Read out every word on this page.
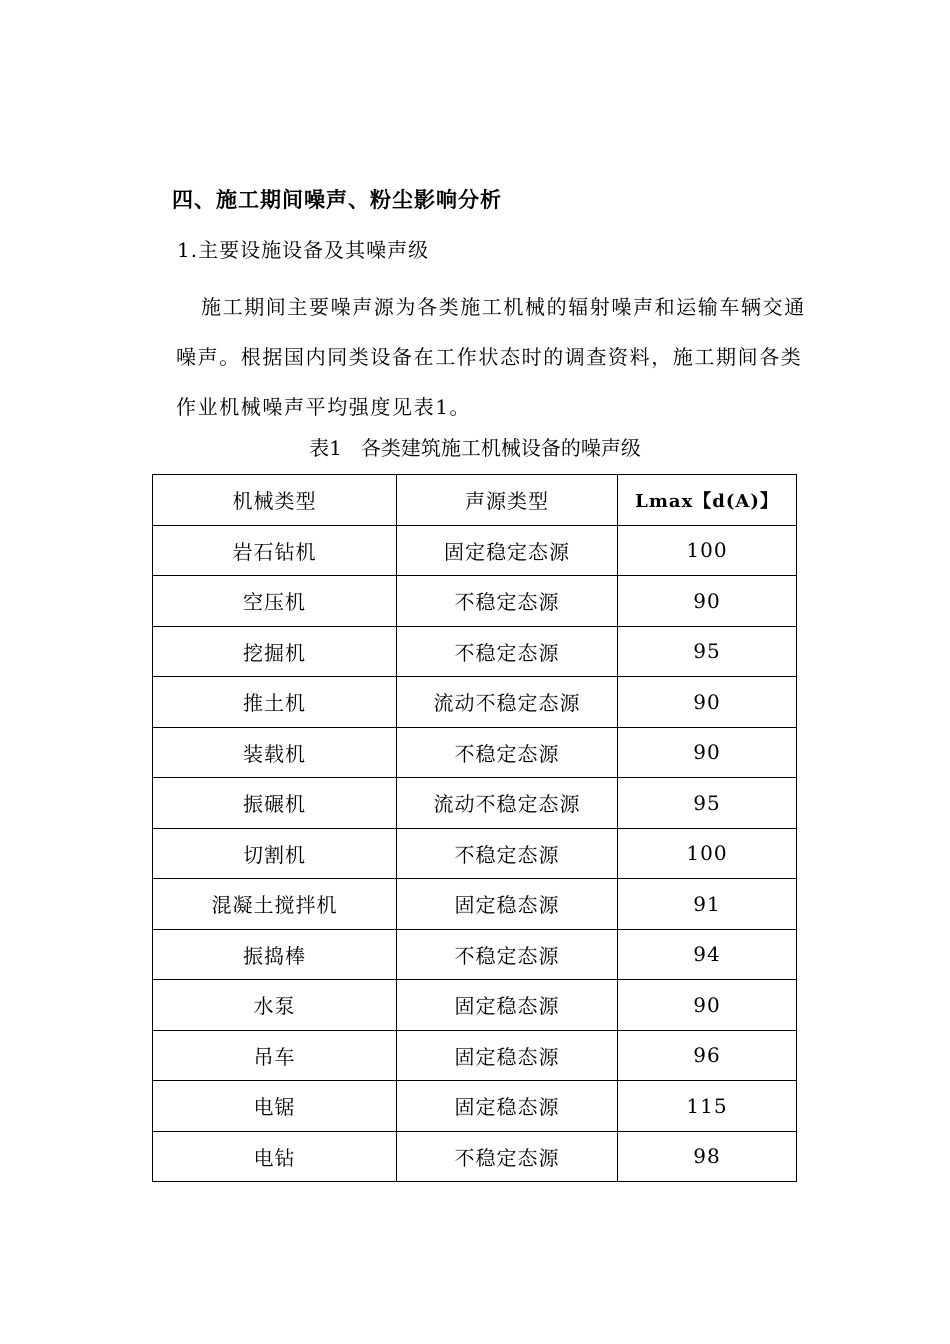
四、施工期间噪声、粉尘影响分析
1.主要设施设备及其噪声级
施工期间主要噪声源为各类施工机械的辐射噪声和运输车辆交通噪声。根据国内同类设备在工作状态时的调查资料，施工期间各类作业机械噪声平均强度见表1。
表1   各类建筑施工机械设备的噪声级
机械类型	声源类型	Lmax【d(A)】
岩石钻机	固定稳定态源	100
空压机	不稳定态源	90
挖掘机	不稳定态源	95
推土机	流动不稳定态源	90
装载机	不稳定态源	90
振碾机	流动不稳定态源	95
切割机	不稳定态源	100
混凝土搅拌机	固定稳态源	91
振捣棒	不稳定态源	94
水泵	固定稳态源	90
吊车	固定稳态源	96
电锯	固定稳态源	115
电钻	不稳定态源	98
